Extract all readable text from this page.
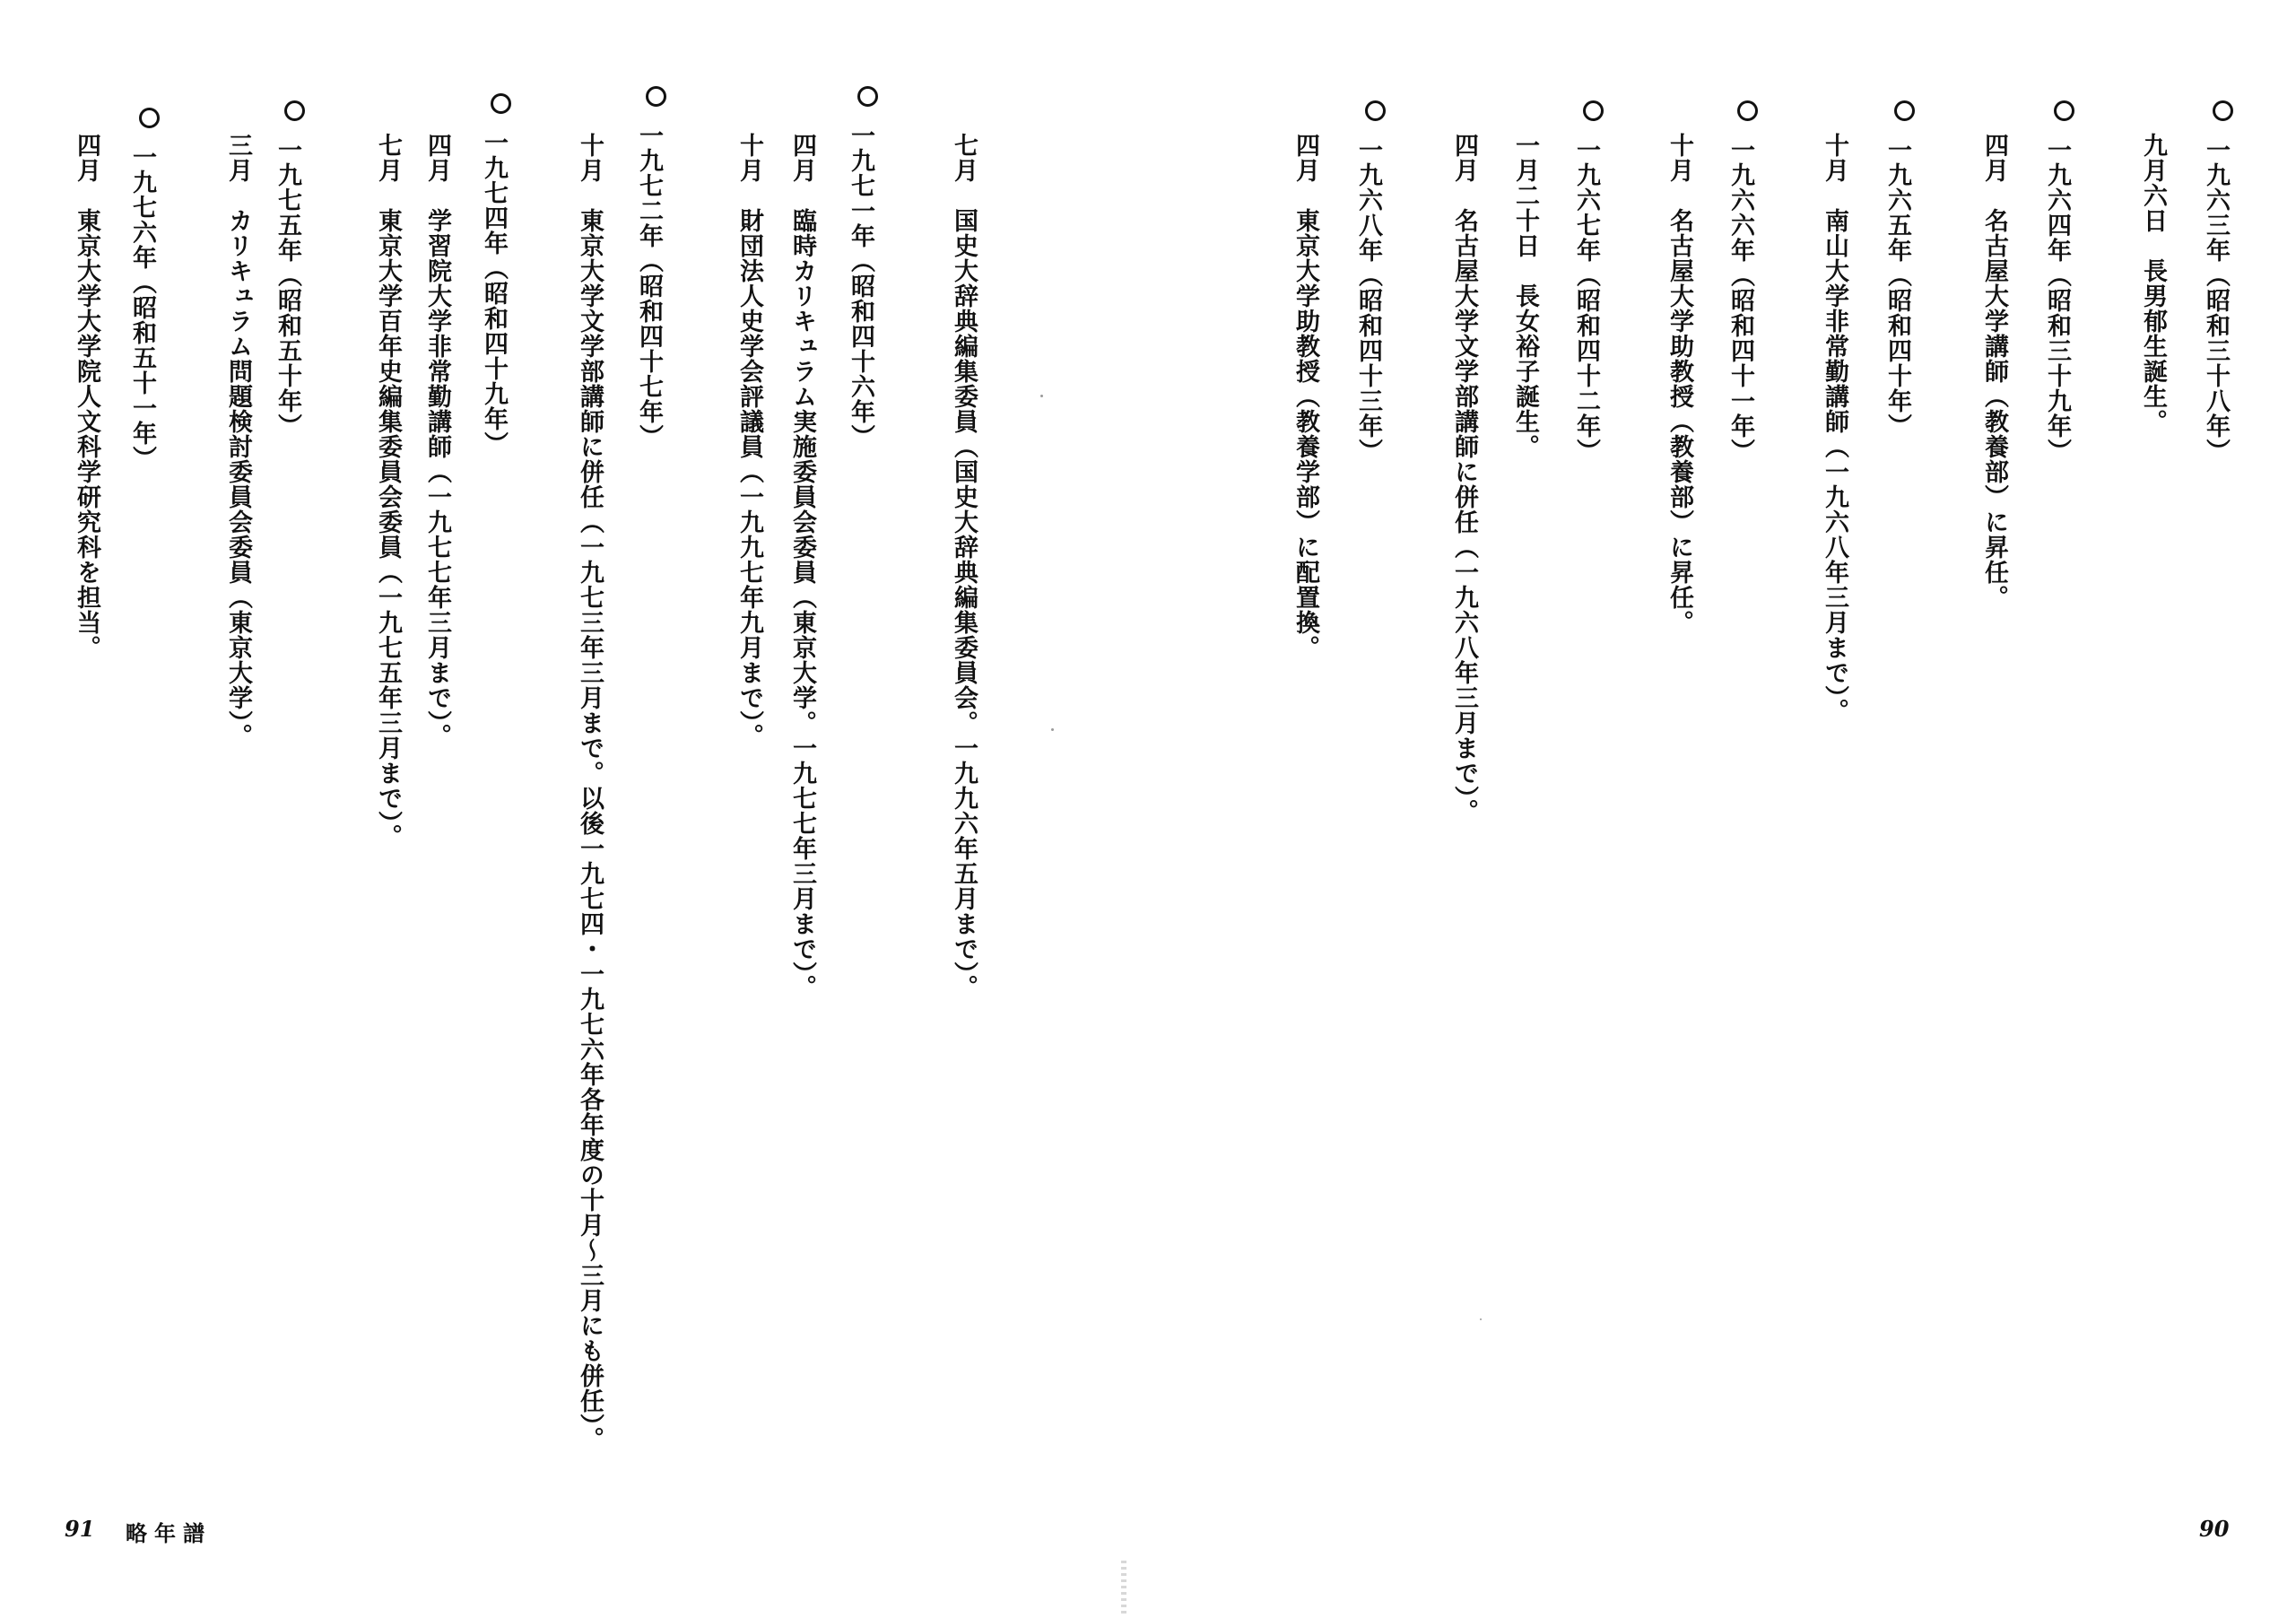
一九六三年（昭和三十八年）
九月六日　長男郁生誕生。
一九六四年（昭和三十九年）
四月　名古屋大学講師（教養部）に昇任。
一九六五年（昭和四十年）
十月　南山大学非常勤講師（一九六八年三月まで）。
一九六六年（昭和四十一年）
十月　名古屋大学助教授（教養部）に昇任。
一九六七年（昭和四十二年）
一月二十日　長女裕子誕生。
四月　名古屋大学文学部講師に併任（一九六八年三月まで）。
一九六八年（昭和四十三年）
四月　東京大学助教授（教養学部）に配置換。
90
七月　国史大辞典編集委員（国史大辞典編集委員会。一九九六年五月まで）。
一九七一年（昭和四十六年）
四月　臨時カリキュラム実施委員会委員（東京大学。一九七七年三月まで）。
十月　財団法人史学会評議員（一九九七年九月まで）。
一九七二年（昭和四十七年）
十月　東京大学文学部講師に併任（一九七三年三月まで。以後一九七四・一九七六年各年度の十月～三月にも併任）。
一九七四年（昭和四十九年）
四月　学習院大学非常勤講師（一九七七年三月まで）。
七月　東京大学百年史編集委員会委員（一九七五年三月まで）。
一九七五年（昭和五十年）
三月　カリキュラム問題検討委員会委員（東京大学）。
一九七六年（昭和五十一年）
四月　東京大学大学院人文科学研究科を担当。
91 略年譜
